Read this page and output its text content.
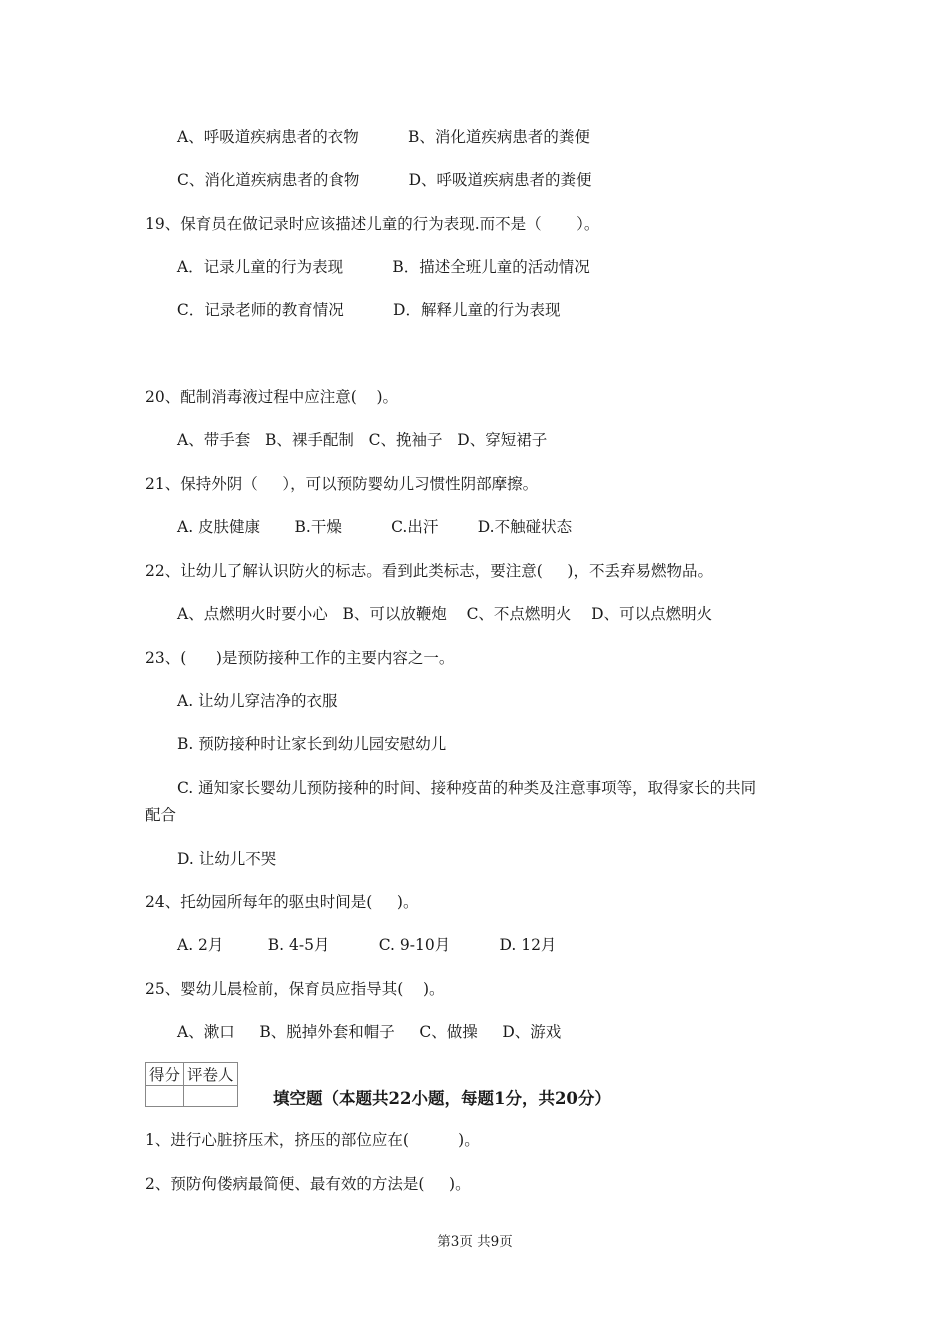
A、呼吸道疾病患者的衣物          B、消化道疾病患者的粪便
C、消化道疾病患者的食物          D、呼吸道疾病患者的粪便
19、保育员在做记录时应该描述儿童的行为表现.而不是（       ）。
A．记录儿童的行为表现          B．描述全班儿童的活动情况
C．记录老师的教育情况          D．解释儿童的行为表现
20、配制消毒液过程中应注意(    )。
A、带手套   B、裸手配制   C、挽袖子   D、穿短裙子
21、保持外阴（     ），可以预防婴幼儿习惯性阴部摩擦。
A. 皮肤健康       B.干燥          C.出汗        D.不触碰状态
22、让幼儿了解认识防火的标志。看到此类标志，要注意(     )，不丢弃易燃物品。
A、点燃明火时要小心   B、可以放鞭炮    C、不点燃明火    D、可以点燃明火
23、(      )是预防接种工作的主要内容之一。
A. 让幼儿穿洁净的衣服
B. 预防接种时让家长到幼儿园安慰幼儿
C. 通知家长婴幼儿预防接种的时间、接种疫苗的种类及注意事项等，取得家长的共同
配合
D. 让幼儿不哭
24、托幼园所每年的驱虫时间是(     )。
A. 2月         B. 4-5月          C. 9-10月          D. 12月
25、婴幼儿晨检前，保育员应指导其(    )。
A、漱口     B、脱掉外套和帽子     C、做操     D、游戏
得分	评卷人

填空题（本题共22小题，每题1分，共20分）
1、进行心脏挤压术，挤压的部位应在(          )。
2、预防佝偻病最简便、最有效的方法是(     )。
第3页 共9页
